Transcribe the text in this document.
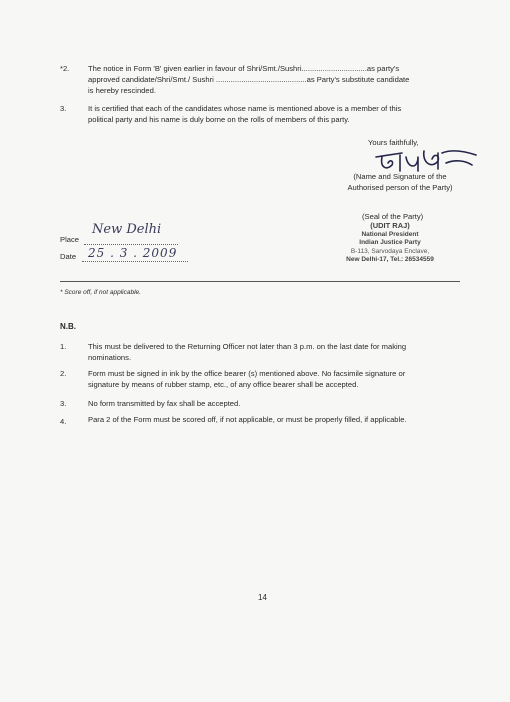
*2. The notice in Form 'B' given earlier in favour of Shri/Smt./Sushri...............................as party's
approved candidate/Shri/Smt./ Sushri ...........................................as Party's substitute candidate
is hereby rescinded.
3.	It is certified that each of the candidates whose name is mentioned above is a member of this
political party and his name is duly borne on the rolls of members of this party.
Yours faithfully,
(Name and Signature of the
Authorised person of the Party)
(Seal of the Party)
(UDIT RAJ)
National President
Indian Justice Party
B-113, Sarvodaya Enclave,
New Delhi-17, Tel.: 26534559
Place
New Delhi
Date 25 . 3 . 2009
* Score off, if not applicable.
N.B.
1.	This must be delivered to the Returning Officer not later than 3 p.m. on the last date for making
nominations.
2.	Form must be signed in ink by the office bearer (s) mentioned above. No facsimile signature or
signature by means of rubber stamp, etc., of any office bearer shall be accepted.
3.	No form transmitted by fax shall be accepted.
4.	Para 2 of the Form must be scored off, if not applicable, or must be properly filled, if applicable.
14
